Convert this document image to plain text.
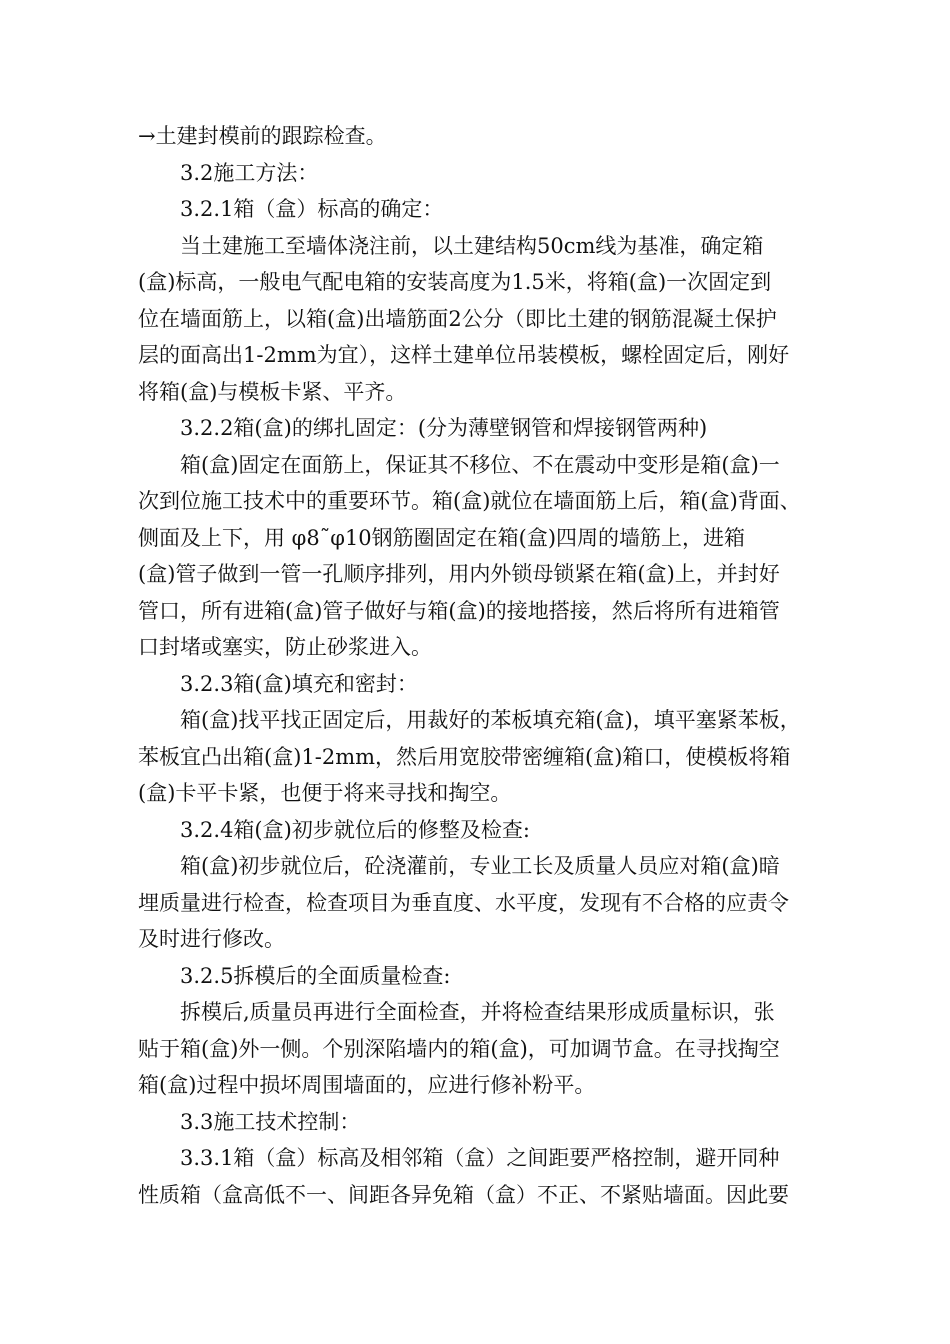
→土建封模前的跟踪检查。
3.2施工方法：
3.2.1箱（盒）标高的确定：
当土建施工至墙体浇注前，以土建结构50cm线为基准，确定箱
(盒)标高，一般电气配电箱的安装高度为1.5米，将箱(盒)一次固定到
位在墙面筋上，以箱(盒)出墙筋面2公分（即比土建的钢筋混凝土保护
层的面高出1-2mm为宜），这样土建单位吊装模板，螺栓固定后，刚好
将箱(盒)与模板卡紧、平齐。
3.2.2箱(盒)的绑扎固定：(分为薄壁钢管和焊接钢管两种)
箱(盒)固定在面筋上，保证其不移位、不在震动中变形是箱(盒)一
次到位施工技术中的重要环节。箱(盒)就位在墙面筋上后，箱(盒)背面、
侧面及上下，用 φ8˜φ10钢筋圈固定在箱(盒)四周的墙筋上，进箱
(盒)管子做到一管一孔顺序排列，用内外锁母锁紧在箱(盒)上，并封好
管口，所有进箱(盒)管子做好与箱(盒)的接地搭接，然后将所有进箱管
口封堵或塞实，防止砂浆进入。
3.2.3箱(盒)填充和密封：
箱(盒)找平找正固定后，用裁好的苯板填充箱(盒)，填平塞紧苯板，
苯板宜凸出箱(盒)1-2mm，然后用宽胶带密缠箱(盒)箱口，使模板将箱
(盒)卡平卡紧，也便于将来寻找和掏空。
3.2.4箱(盒)初步就位后的修整及检查:
箱(盒)初步就位后，砼浇灌前，专业工长及质量人员应对箱(盒)暗
埋质量进行检查，检查项目为垂直度、水平度，发现有不合格的应责令
及时进行修改。
3.2.5拆模后的全面质量检查:
拆模后,质量员再进行全面检查，并将检查结果形成质量标识，张
贴于箱(盒)外一侧。个别深陷墙内的箱(盒)，可加调节盒。在寻找掏空
箱(盒)过程中损坏周围墙面的，应进行修补粉平。
3.3施工技术控制：
3.3.1箱（盒）标高及相邻箱（盒）之间距要严格控制，避开同种
性质箱（盒高低不一、间距各异免箱（盒）不正、不紧贴墙面。因此要
